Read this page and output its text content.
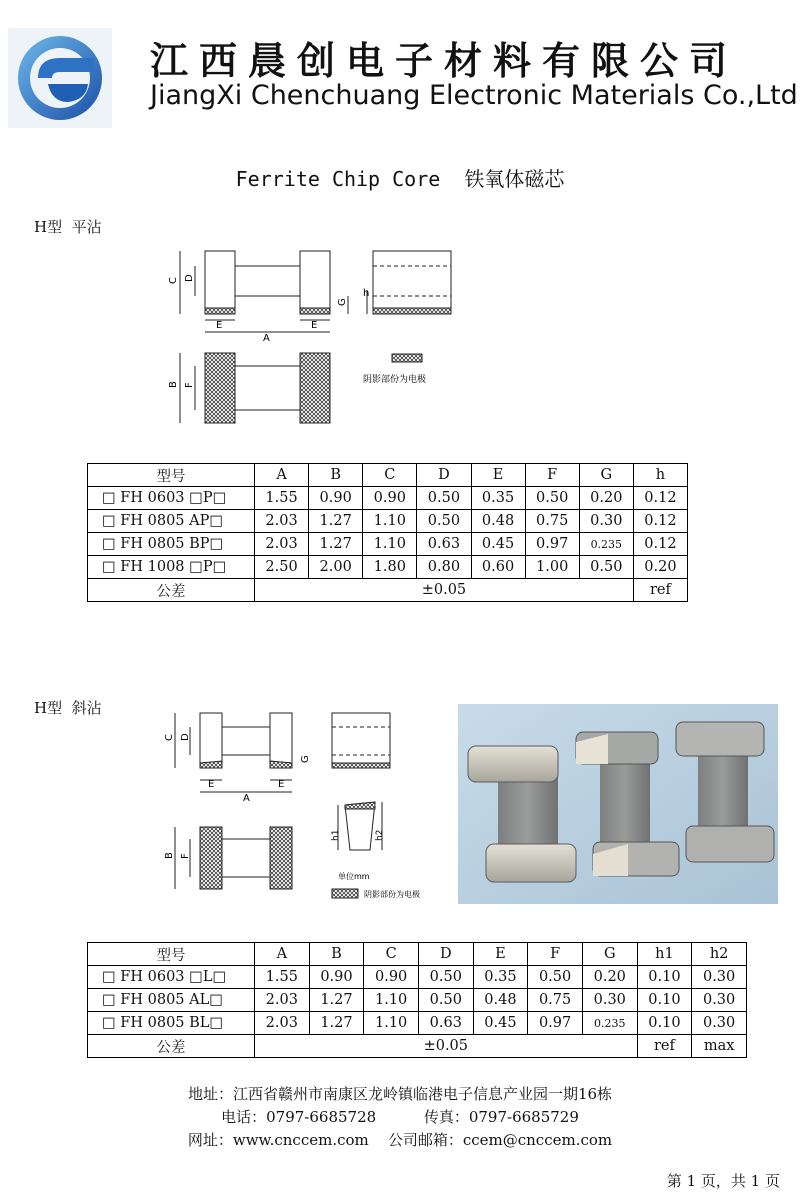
江西晨创电子材料有限公司
JiangXi Chenchuang Electronic Materials Co.,Ltd
Ferrite Chip Core  铁氧体磁芯
H型  平沾
C D
A
E	E
G
h
B F
阴影部份为电极
型号	A	B	C	D	E	F	G	h
□ FH 0603 □P□	1.55	0.90	0.90	0.50	0.35	0.50	0.20	0.12
□ FH 0805 AP□	2.03	1.27	1.10	0.50	0.48	0.75	0.30	0.12
□ FH 0805 BP□	2.03	1.27	1.10	0.63	0.45	0.97	0.235	0.12
□ FH 1008 □P□	2.50	2.00	1.80	0.80	0.60	1.00	0.50	0.20
公差	±0.05							ref
H型  斜沾
C D
A
E	E
G
h1	h2
B F
单位mm
阴影部份为电极
型号	A	B	C	D	E	F	G	h1	h2
□ FH 0603 □L□	1.55	0.90	0.90	0.50	0.35	0.50	0.20	0.10	0.30
□ FH 0805 AL□	2.03	1.27	1.10	0.50	0.48	0.75	0.30	0.10	0.30
□ FH 0805 BL□	2.03	1.27	1.10	0.63	0.45	0.97	0.235	0.10	0.30
公差	±0.05							ref	max
地址：江西省赣州市南康区龙岭镇临港电子信息产业园一期16栋
电话：0797-6685728          传真：0797-6685729
网址：www.cnccem.com    公司邮箱：ccem@cnccem.com
第 1 页，共 1 页
